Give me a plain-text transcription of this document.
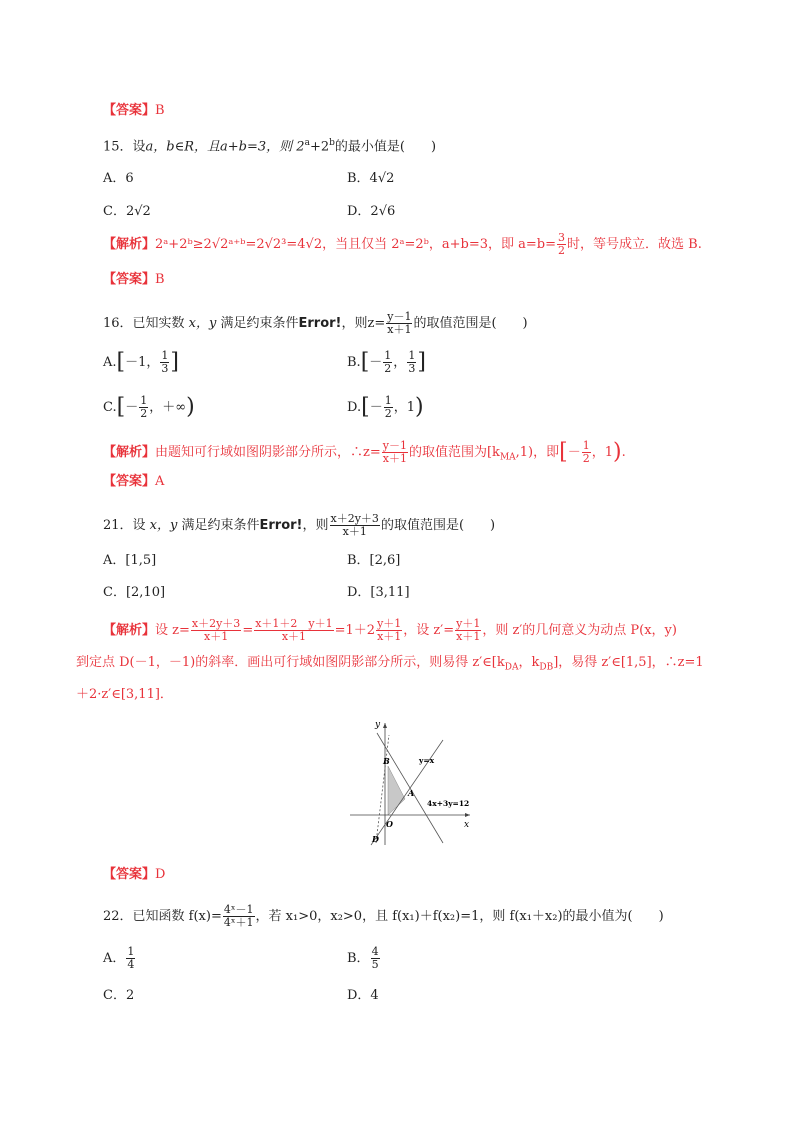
【答案】B
15．设a，b∈R，且a+b=3，则 $2^a+2^b$的最小值是(　　)
A．6	B．4√2
C．2√2	D．2√6
【解析】2ᵃ+2ᵇ≥2√2ᵃ⁺ᵇ=2√2³=4√2，当且仅当 2ᵃ=2ᵇ，a+b=3，即 $a=b= \frac{3}{2}$ 时，等号成立．故选 B.
【答案】B
16．已知实数 x，y 满足约束条件Error!，则$z= \frac{y-1}{x+1}$ 的取值范围是(　　)
A.[－1， $\frac{1}{3}$ ]	$B.[- \frac{1}{2}$ ， $\frac{1}{3}$ ]
$C.[- \frac{1}{2}$ ，＋∞)	$D.[- \frac{1}{2}$ ，1)
【解析】由题知可行域如图阴影部分所示，∴z= $\frac{y-1}{x+1}$ 的取值范围为$[k_{MA},1)$，即[－ $\frac{1}{2}$ ，1).
【答案】A
21．设 x，y 满足约束条件Error!，则 $\frac{x+2y+3}{x+1}$ 的取值范围是(　　)
A．[1,5]	B．[2,6]
C．[2,10]	D．[3,11]
【解析】设 $z= \frac{x+2y+3}{x+1} = \frac{x+1+2 y+1}{x+1} =1+2 \frac{y+1}{x+1}$ ，设 $z'= \frac{y+1}{x+1}$ ，则 z′的几何意义为动点 P(x，y)
到定点 D(－1，－1)的斜率．画出可行域如图阴影部分所示，则易得 $z'\in[k_{DA}$，$k_{DB}$]，易得 z′∈[1,5]，∴z=1
＋2·z′∈[3,11]．
y
x
B
A
O
D
y=x
4x+3y=12
【答案】D
22．已知函数 $f(x)= \frac{\text{4ˣ－1}}{\text{4ˣ＋1}}$ ，若 x₁>0，x₂>0，且 f(x₁)＋f(x₂)=1，则 f(x₁＋x₂)的最小值为(　　)
A． $\frac{1}{4}$	B． $\frac{4}{5}$
C．2	D．4
